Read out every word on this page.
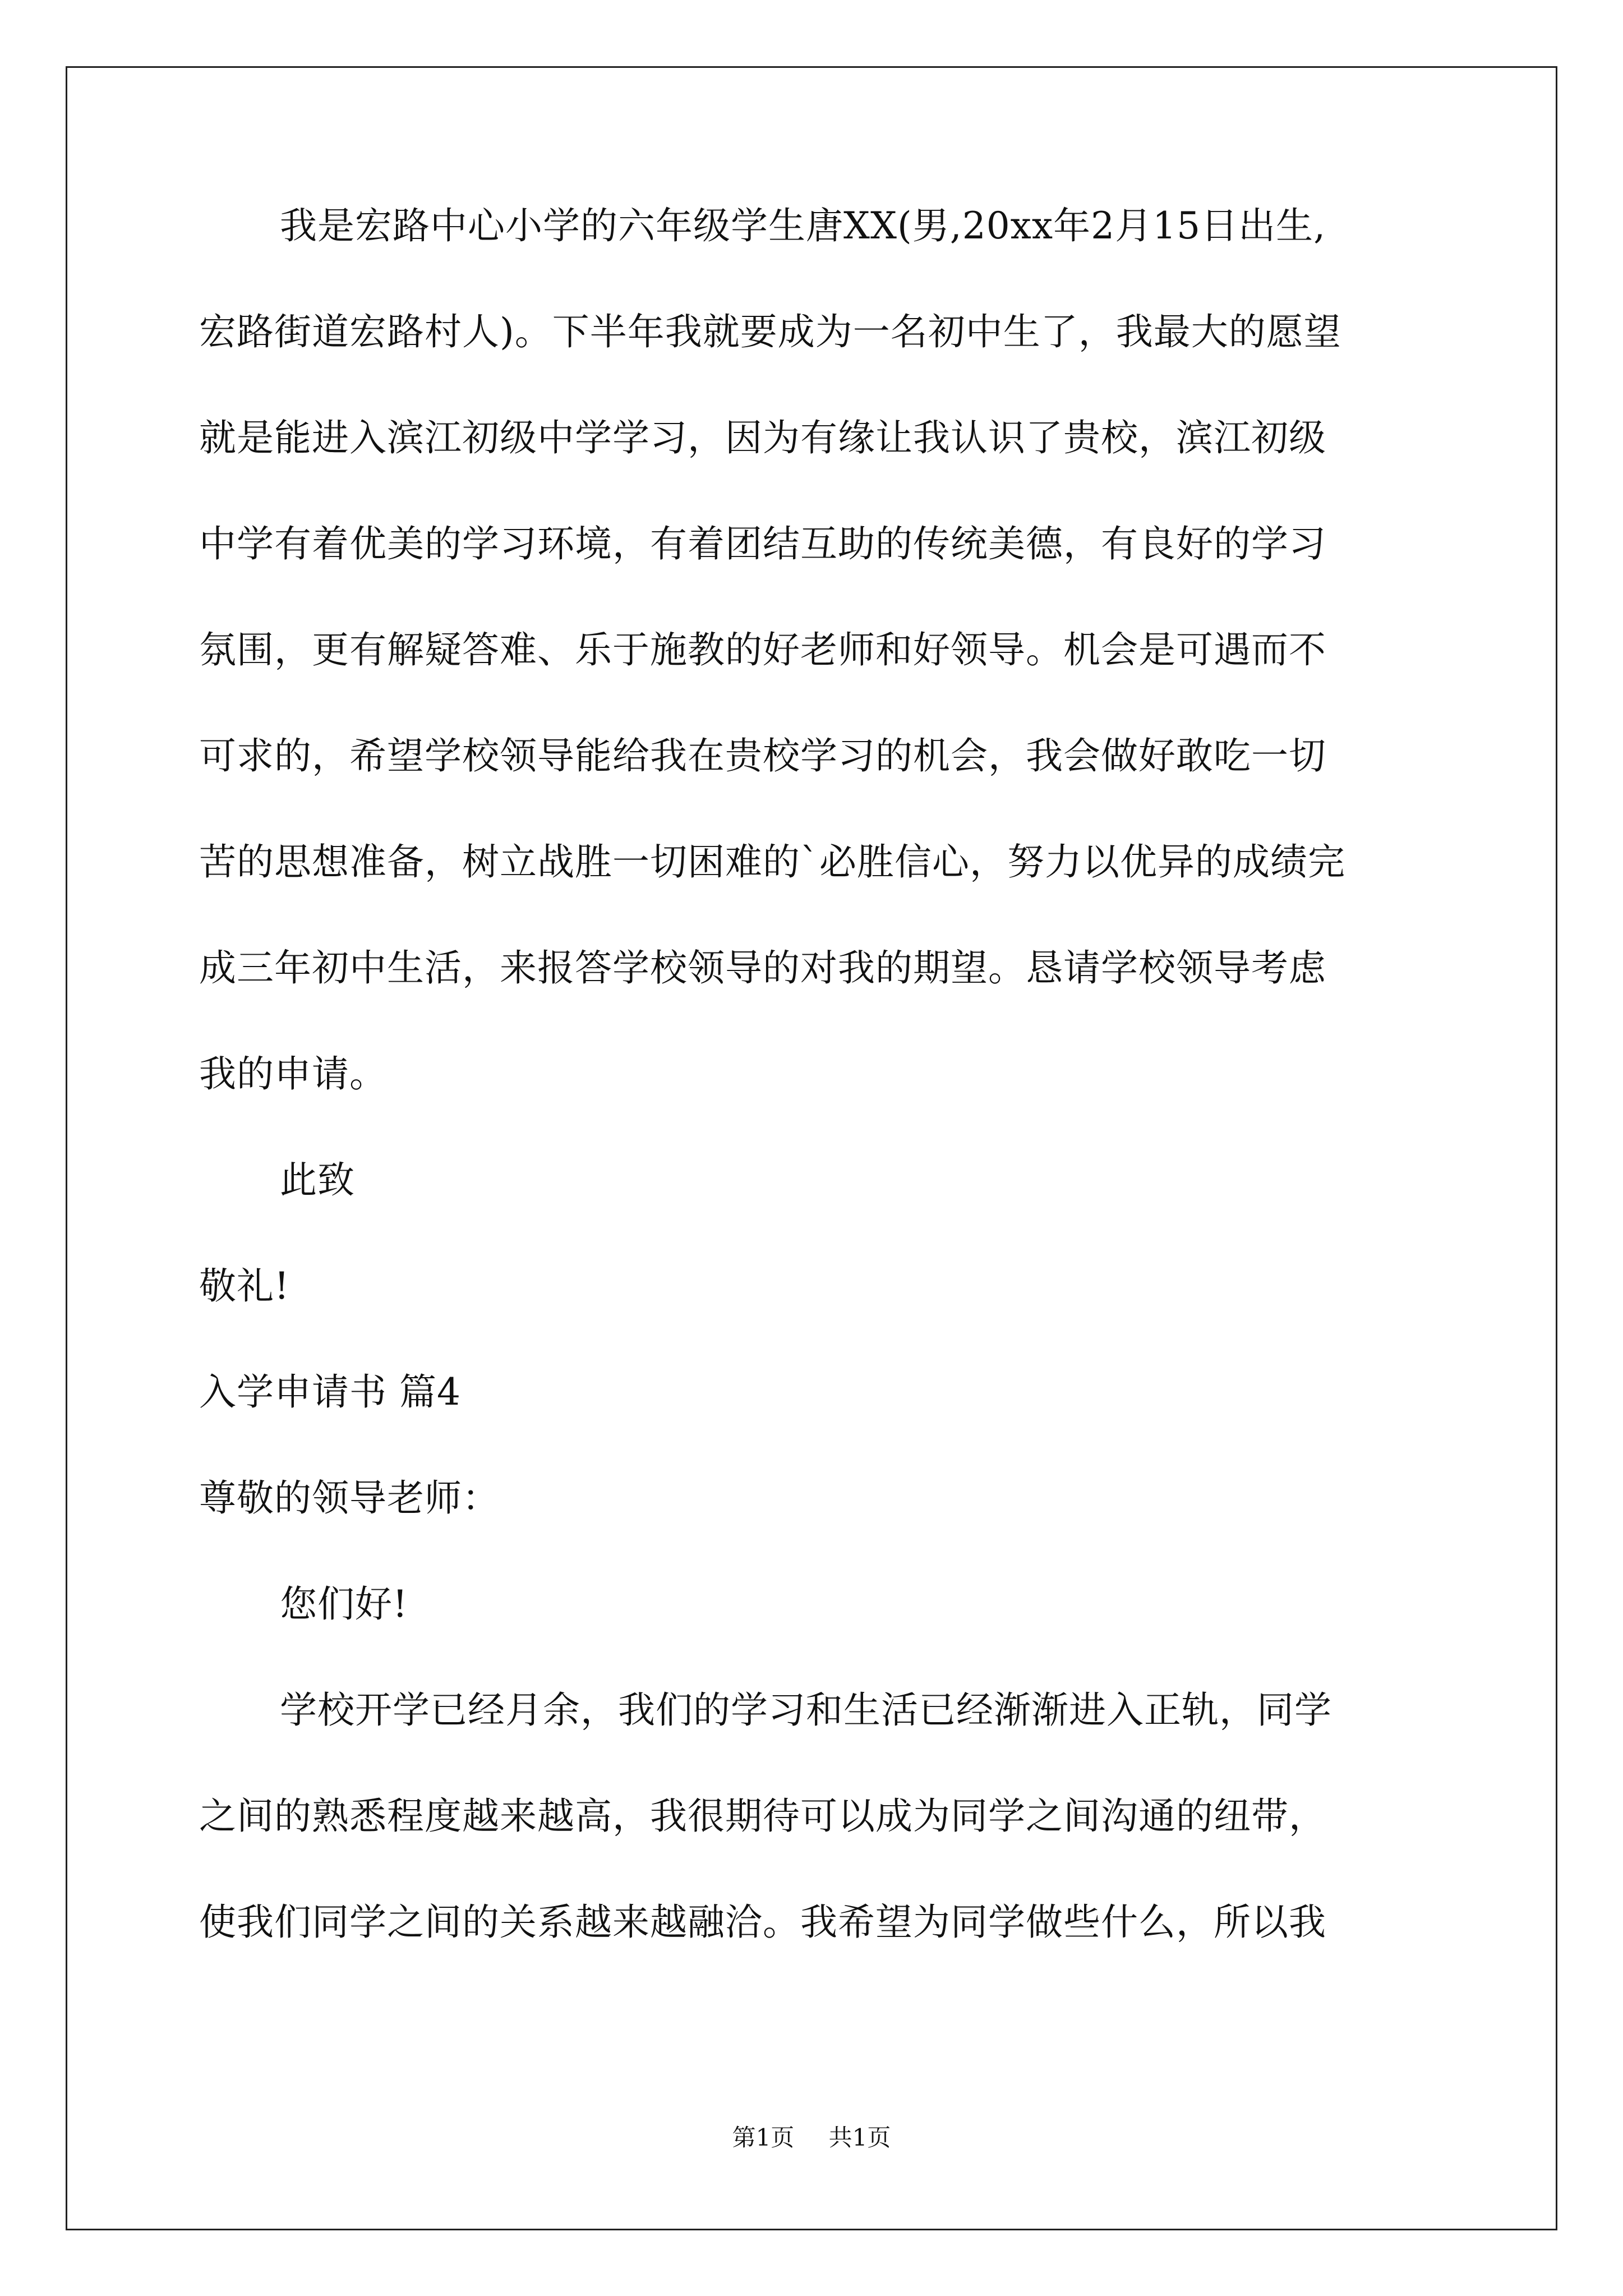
我是宏路中心小学的六年级学生唐XX(男,20xx年2月15日出生,
宏路街道宏路村人)。下半年我就要成为一名初中生了，我最大的愿望
就是能进入滨江初级中学学习，因为有缘让我认识了贵校，滨江初级
中学有着优美的学习环境，有着团结互助的传统美德，有良好的学习
氛围，更有解疑答难、乐于施教的好老师和好领导。机会是可遇而不
可求的，希望学校领导能给我在贵校学习的机会，我会做好敢吃一切
苦的思想准备，树立战胜一切困难的`必胜信心，努力以优异的成绩完
成三年初中生活，来报答学校领导的对我的期望。恳请学校领导考虑
我的申请。
此致
敬礼!
入学申请书 篇4
尊敬的领导老师：
您们好!
学校开学已经月余，我们的学习和生活已经渐渐进入正轨，同学
之间的熟悉程度越来越高，我很期待可以成为同学之间沟通的纽带，
使我们同学之间的关系越来越融洽。我希望为同学做些什么，所以我
第1页 共1页
